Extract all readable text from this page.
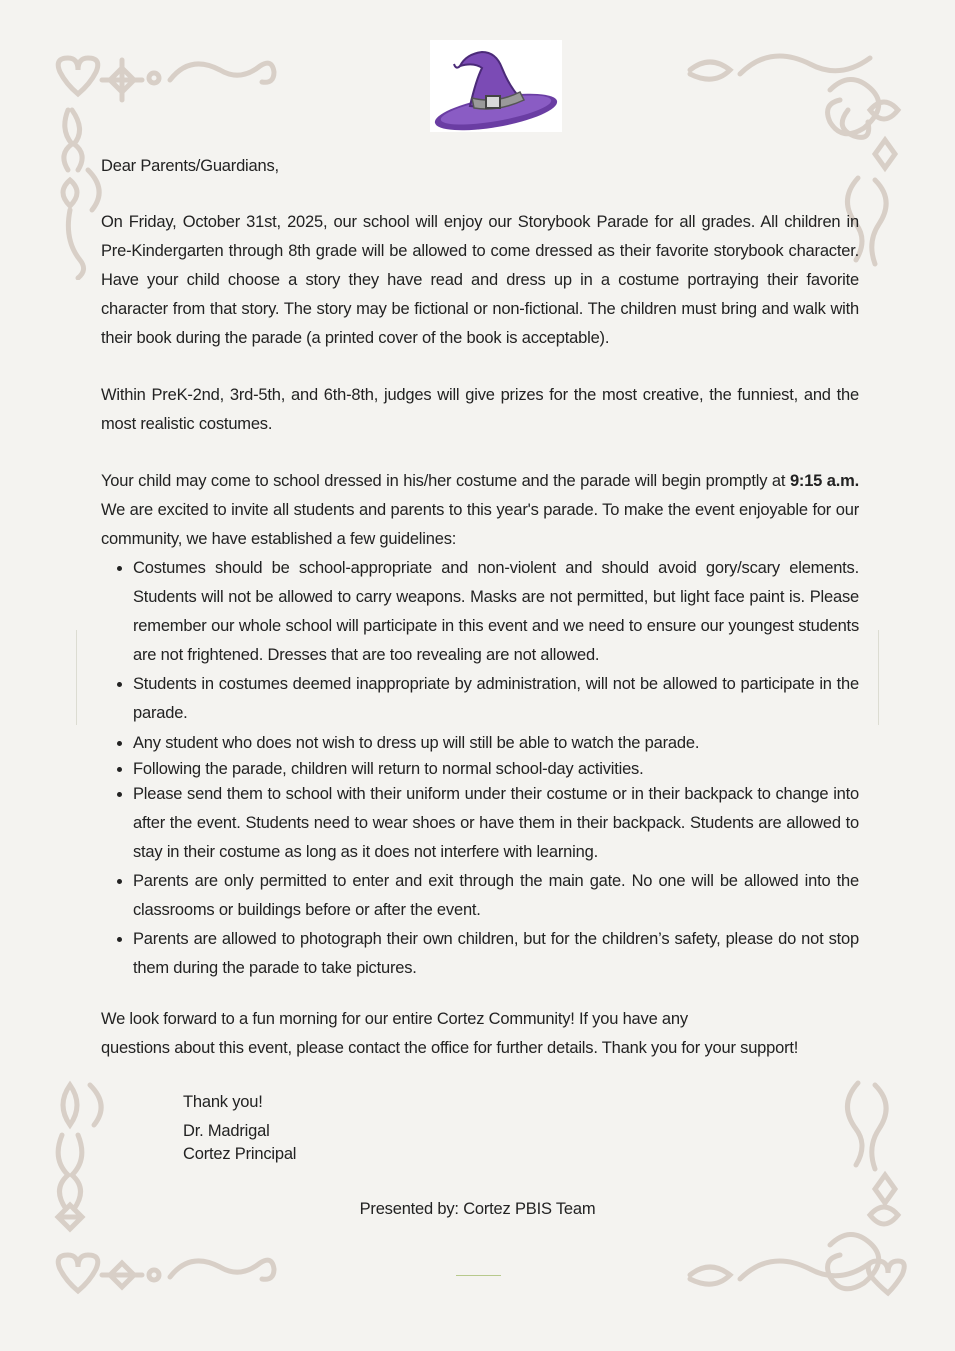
Dear Parents/Guardians,
On Friday, October 31st, 2025, our school will enjoy our Storybook Parade for all grades. All children in Pre-Kindergarten through 8th grade will be allowed to come dressed as their favorite storybook character. Have your child choose a story they have read and dress up in a costume portraying their favorite character from that story. The story may be fictional or non-fictional. The children must bring and walk with their book during the parade (a printed cover of the book is acceptable).
Within PreK-2nd, 3rd-5th, and 6th-8th, judges will give prizes for the most creative, the funniest, and the most realistic costumes.
Your child may come to school dressed in his/her costume and the parade will begin promptly at 9:15 a.m. We are excited to invite all students and parents to this year's parade. To make the event enjoyable for our community, we have established a few guidelines:
Costumes should be school-appropriate and non-violent and should avoid gory/scary elements. Students will not be allowed to carry weapons. Masks are not permitted, but light face paint is. Please remember our whole school will participate in this event and we need to ensure our youngest students are not frightened. Dresses that are too revealing are not allowed.
Students in costumes deemed inappropriate by administration, will not be allowed to participate in the parade.
Any student who does not wish to dress up will still be able to watch the parade.
Following the parade, children will return to normal school-day activities.
Please send them to school with their uniform under their costume or in their backpack to change into after the event. Students need to wear shoes or have them in their backpack. Students are allowed to stay in their costume as long as it does not interfere with learning.
Parents are only permitted to enter and exit through the main gate. No one will be allowed into the classrooms or buildings before or after the event.
Parents are allowed to photograph their own children, but for the children’s safety, please do not stop them during the parade to take pictures.
We look forward to a fun morning for our entire Cortez Community! If you have any
questions about this event, please contact the office for further details. Thank you for your support!
Thank you!
Dr. Madrigal
Cortez Principal
Presented by: Cortez PBIS Team
